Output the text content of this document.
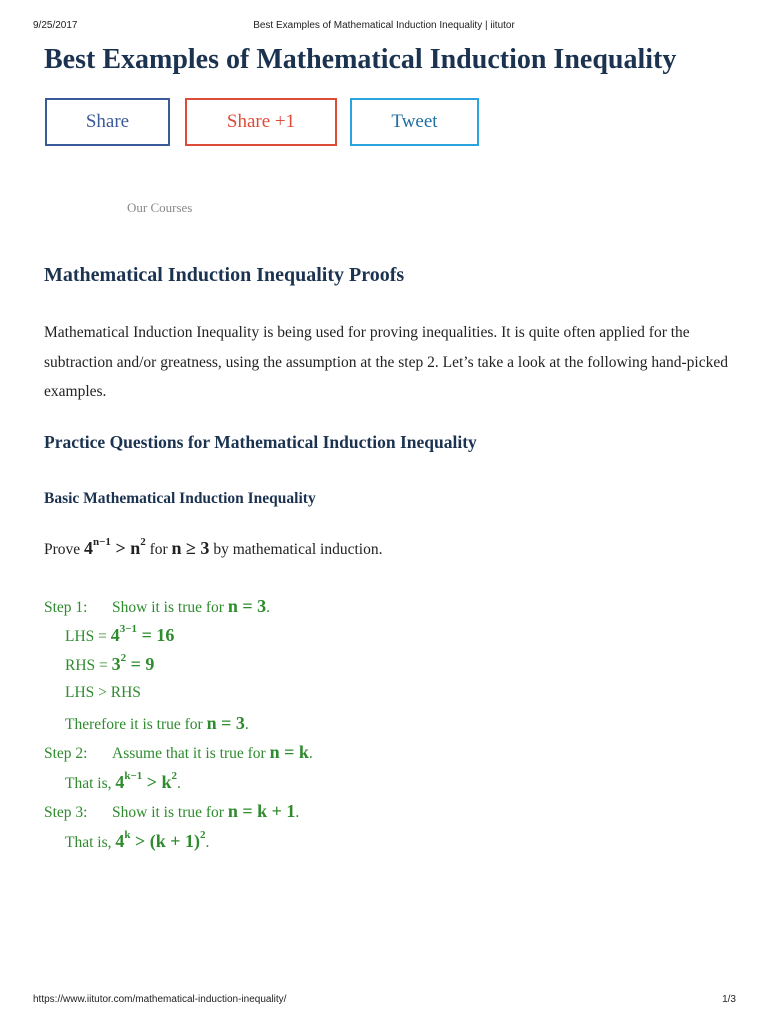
9/25/2017	Best Examples of Mathematical Induction Inequality | iitutor
Best Examples of Mathematical Induction Inequality
Share	Share +1	Tweet
Our Courses
Mathematical Induction Inequality Proofs

Mathematical Induction Inequality is being used for proving inequalities. It is quite often applied for the subtraction and/or greatness, using the assumption at the step 2. Let’s take a look at the following hand-picked examples.

Practice Questions for Mathematical Induction Inequality
Basic Mathematical Induction Inequality
Prove $4^{n-1} > n^2$ for n ≥ 3 by mathematical induction.
Step 1: Show it is true for n = 3.
LHS = $4^{3-1} = 16$
RHS = $3^2 = 9$
LHS > RHS
Therefore it is true for n = 3.
Step 2: Assume that it is true for n = k.
That is, $4^{k-1} > k^2$.
Step 3: Show it is true for n = k + 1.
That is, $4^k > (k + 1)^2$.
https://www.iitutor.com/mathematical-induction-inequality/	1/3
